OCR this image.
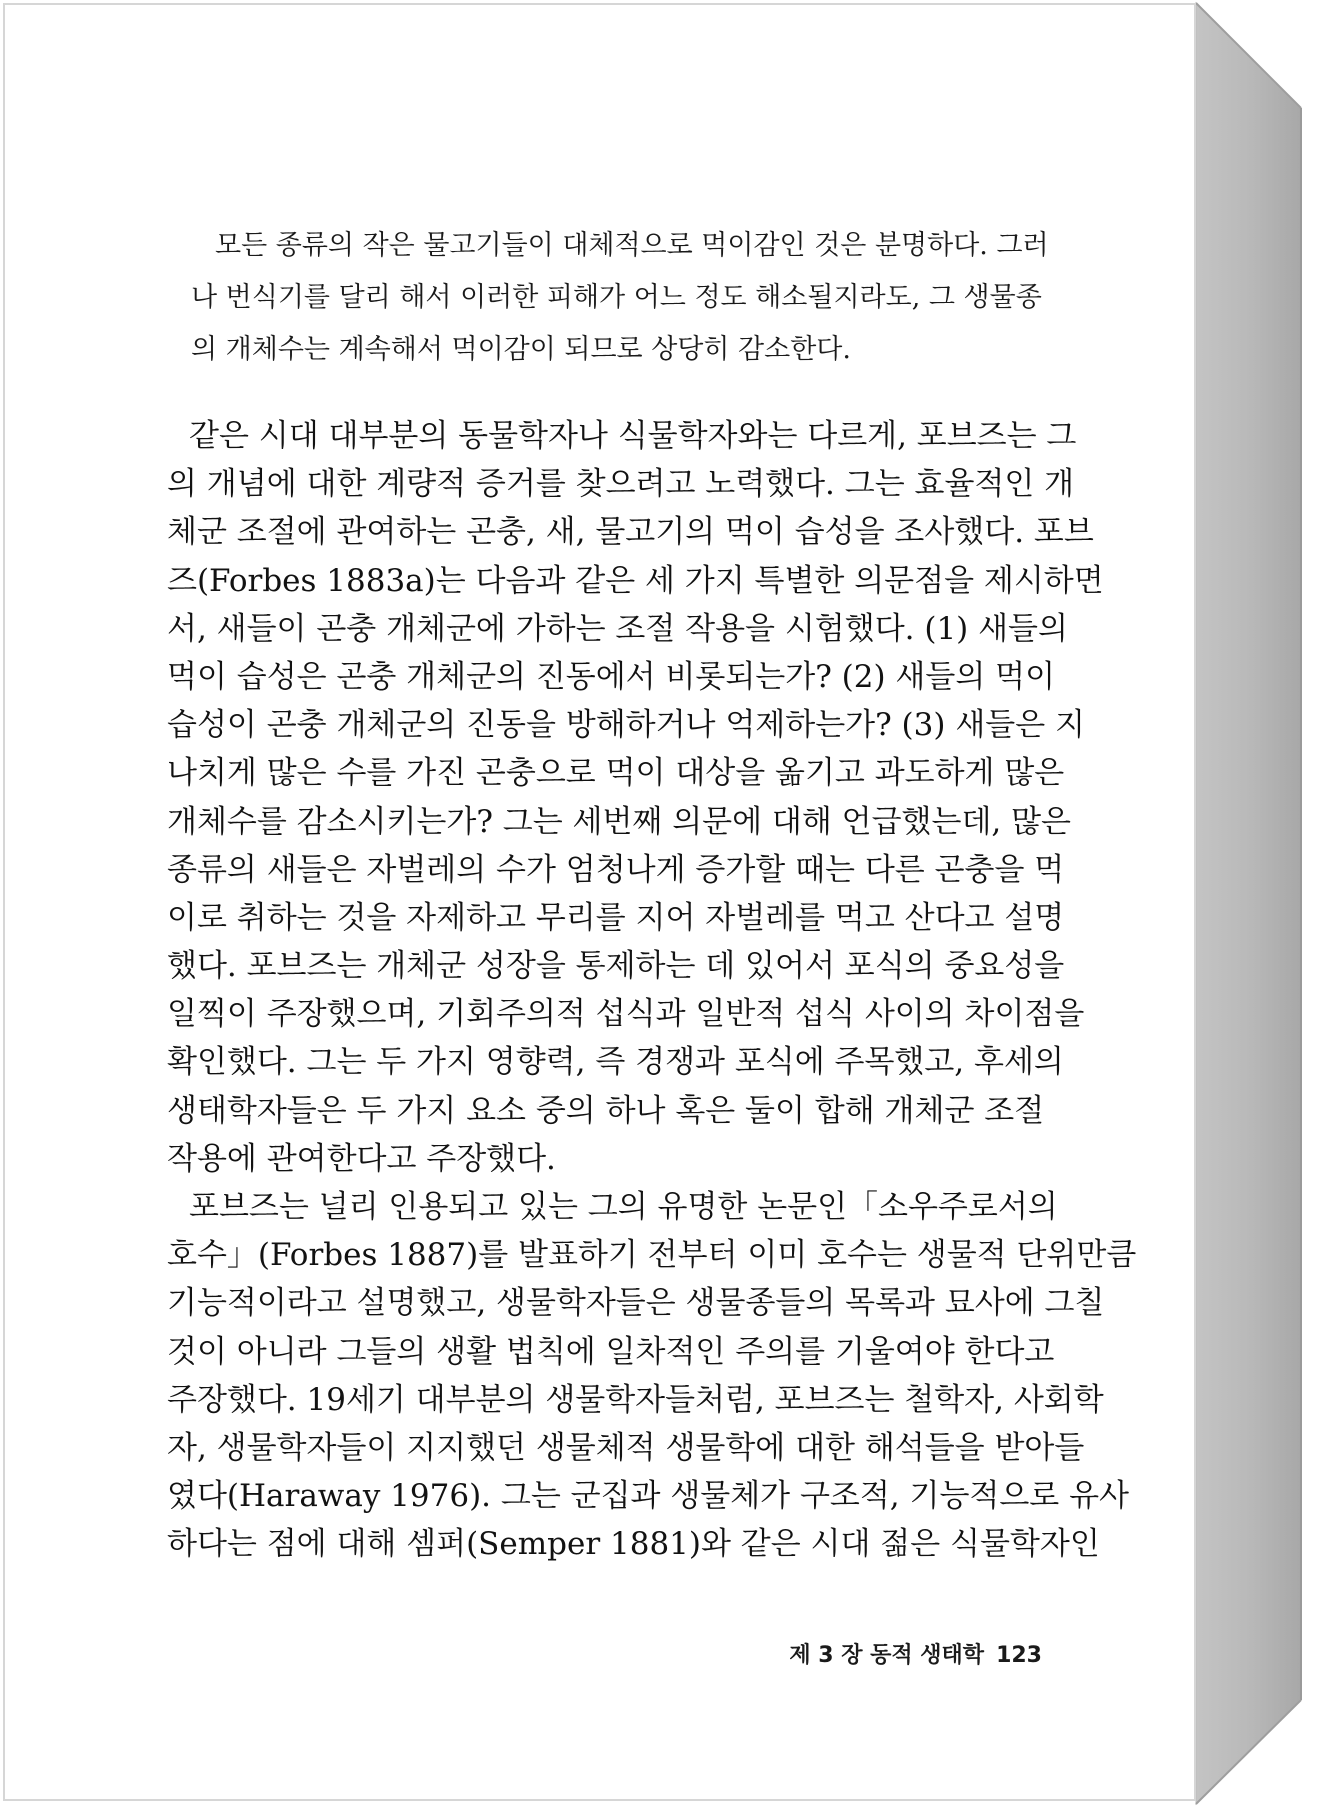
모든 종류의 작은 물고기들이 대체적으로 먹이감인 것은 분명하다. 그러
나 번식기를 달리 해서 이러한 피해가 어느 정도 해소될지라도, 그 생물종
의 개체수는 계속해서 먹이감이 되므로 상당히 감소한다.
같은 시대 대부분의 동물학자나 식물학자와는 다르게, 포브즈는 그
의 개념에 대한 계량적 증거를 찾으려고 노력했다. 그는 효율적인 개
체군 조절에 관여하는 곤충, 새, 물고기의 먹이 습성을 조사했다. 포브
즈(Forbes 1883a)는 다음과 같은 세 가지 특별한 의문점을 제시하면
서, 새들이 곤충 개체군에 가하는 조절 작용을 시험했다. (1) 새들의
먹이 습성은 곤충 개체군의 진동에서 비롯되는가? (2) 새들의 먹이
습성이 곤충 개체군의 진동을 방해하거나 억제하는가? (3) 새들은 지
나치게 많은 수를 가진 곤충으로 먹이 대상을 옮기고 과도하게 많은
개체수를 감소시키는가? 그는 세번째 의문에 대해 언급했는데, 많은
종류의 새들은 자벌레의 수가 엄청나게 증가할 때는 다른 곤충을 먹
이로 취하는 것을 자제하고 무리를 지어 자벌레를 먹고 산다고 설명
했다. 포브즈는 개체군 성장을 통제하는 데 있어서 포식의 중요성을
일찍이 주장했으며, 기회주의적 섭식과 일반적 섭식 사이의 차이점을
확인했다. 그는 두 가지 영향력, 즉 경쟁과 포식에 주목했고, 후세의
생태학자들은 두 가지 요소 중의 하나 혹은 둘이 합해 개체군 조절
작용에 관여한다고 주장했다.
포브즈는 널리 인용되고 있는 그의 유명한 논문인「소우주로서의
호수」(Forbes 1887)를 발표하기 전부터 이미 호수는 생물적 단위만큼
기능적이라고 설명했고, 생물학자들은 생물종들의 목록과 묘사에 그칠
것이 아니라 그들의 생활 법칙에 일차적인 주의를 기울여야 한다고
주장했다. 19세기 대부분의 생물학자들처럼, 포브즈는 철학자, 사회학
자, 생물학자들이 지지했던 생물체적 생물학에 대한 해석들을 받아들
였다(Haraway 1976). 그는 군집과 생물체가 구조적, 기능적으로 유사
하다는 점에 대해 셈퍼(Semper 1881)와 같은 시대 젊은 식물학자인
제 3 장 동적 생태학 123
